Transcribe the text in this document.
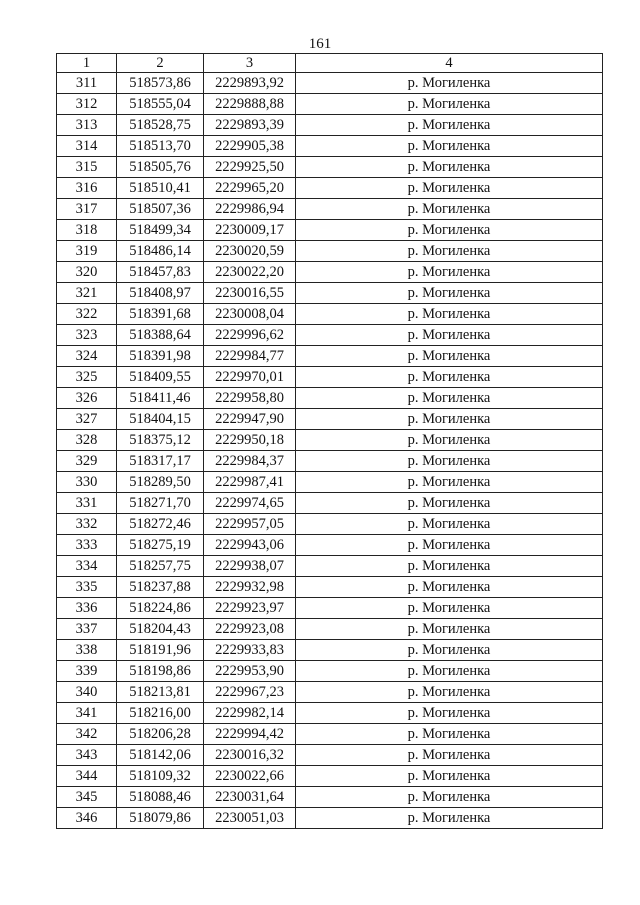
161
1	2	3	4
311	518573,86	2229893,92	р. Могиленка
312	518555,04	2229888,88	р. Могиленка
313	518528,75	2229893,39	р. Могиленка
314	518513,70	2229905,38	р. Могиленка
315	518505,76	2229925,50	р. Могиленка
316	518510,41	2229965,20	р. Могиленка
317	518507,36	2229986,94	р. Могиленка
318	518499,34	2230009,17	р. Могиленка
319	518486,14	2230020,59	р. Могиленка
320	518457,83	2230022,20	р. Могиленка
321	518408,97	2230016,55	р. Могиленка
322	518391,68	2230008,04	р. Могиленка
323	518388,64	2229996,62	р. Могиленка
324	518391,98	2229984,77	р. Могиленка
325	518409,55	2229970,01	р. Могиленка
326	518411,46	2229958,80	р. Могиленка
327	518404,15	2229947,90	р. Могиленка
328	518375,12	2229950,18	р. Могиленка
329	518317,17	2229984,37	р. Могиленка
330	518289,50	2229987,41	р. Могиленка
331	518271,70	2229974,65	р. Могиленка
332	518272,46	2229957,05	р. Могиленка
333	518275,19	2229943,06	р. Могиленка
334	518257,75	2229938,07	р. Могиленка
335	518237,88	2229932,98	р. Могиленка
336	518224,86	2229923,97	р. Могиленка
337	518204,43	2229923,08	р. Могиленка
338	518191,96	2229933,83	р. Могиленка
339	518198,86	2229953,90	р. Могиленка
340	518213,81	2229967,23	р. Могиленка
341	518216,00	2229982,14	р. Могиленка
342	518206,28	2229994,42	р. Могиленка
343	518142,06	2230016,32	р. Могиленка
344	518109,32	2230022,66	р. Могиленка
345	518088,46	2230031,64	р. Могиленка
346	518079,86	2230051,03	р. Могиленка
